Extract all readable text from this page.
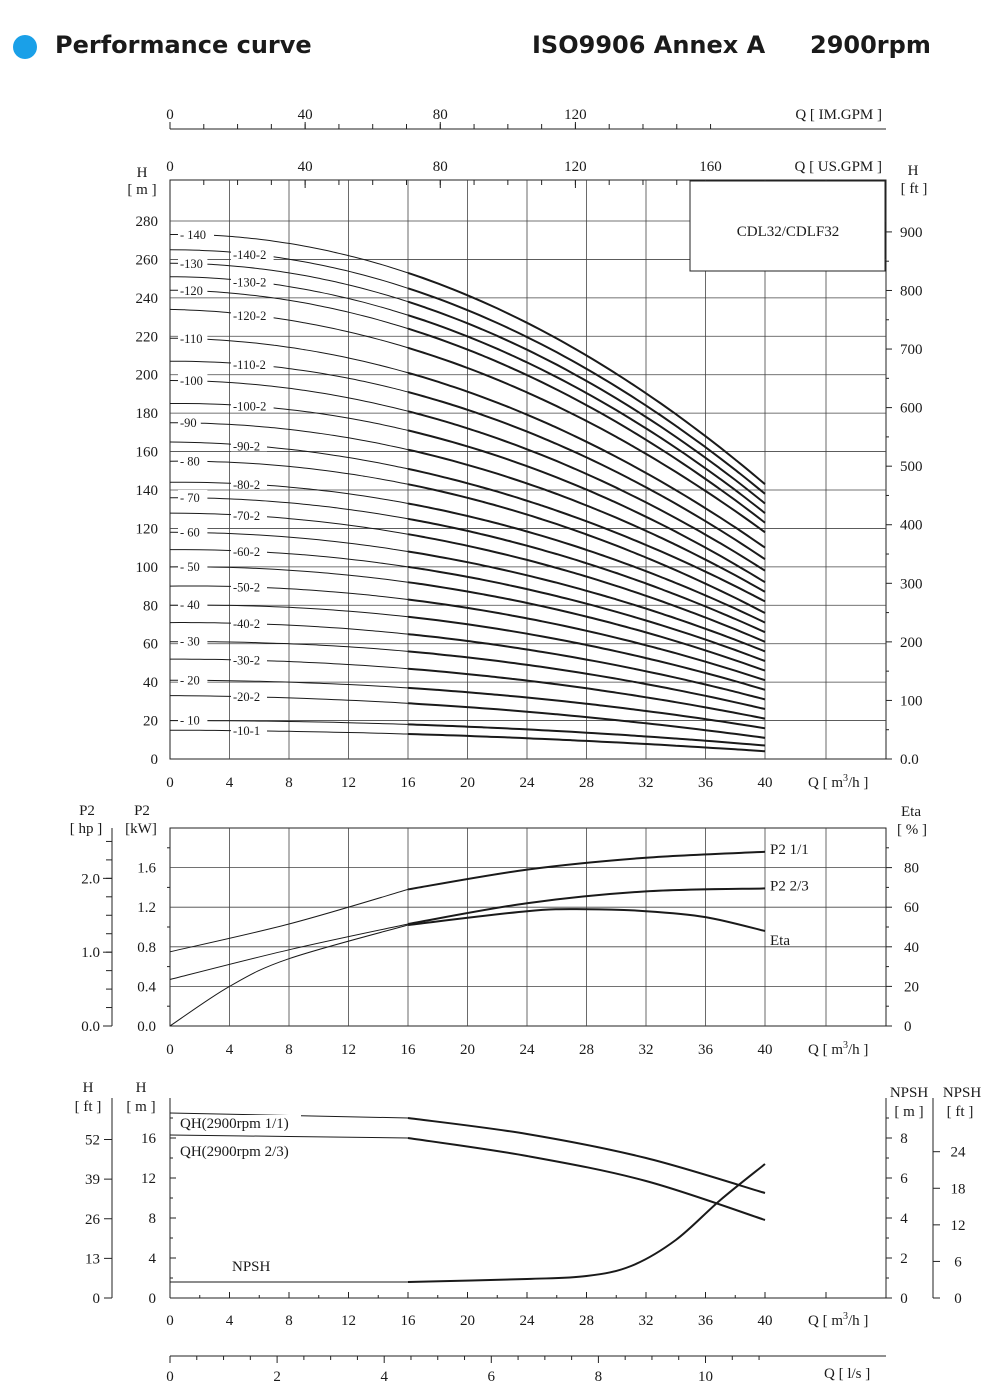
Performance curve	ISO9906 Annex A 2900rpm
0	40	80	120	Q [ IM.GPM ]
0	40	80	120	160	Q [ US.GPM ]
H
[ m ]
0
20
40
60
80
100
120
140
160
180
200
220
240
260
280
H
[ ft ]
0.0
100
200
300
400
500
600
700
800
900
0	4	8	12	16	20	24	28	32	36	40 Q [ $m^3/h$ ]
CDL32/CDLF32
- 140
-140-2
-130
-130-2
-120
-120-2
-110
-110-2
-100
-100-2
-90
-90-2
- 80
-80-2
- 70
-70-2
- 60
-60-2
- 50
-50-2
- 40
-40-2
- 30
-30-2
- 20
-20-2
- 10
-10-1
P2
[kW]
0.0
0.4
0.8
1.2
1.6
P2
[ hp ]
0.0
1.0
2.0
Eta
[ % ]
0
20
40
60
80
0	4	8	12	16	20	24	28	32	36	40 Q [ $m^3/h$ ]
P2 1/1
P2 2/3
Eta
0
4
8
12
16
H
[ m ]
H
[ ft ]
0
13
26
39
52
NPSH
[ m ]
0
2
4
6
8
NPSH
[ ft ]
0
6
12
18
24
0	4	8	12	16	20	24	28	32	36	40 Q [ $m^3/h$ ]
QH(2900rpm 1/1)
QH(2900rpm 2/3)
NPSH
0	2	4	6	8	10	Q [ l/s ]
